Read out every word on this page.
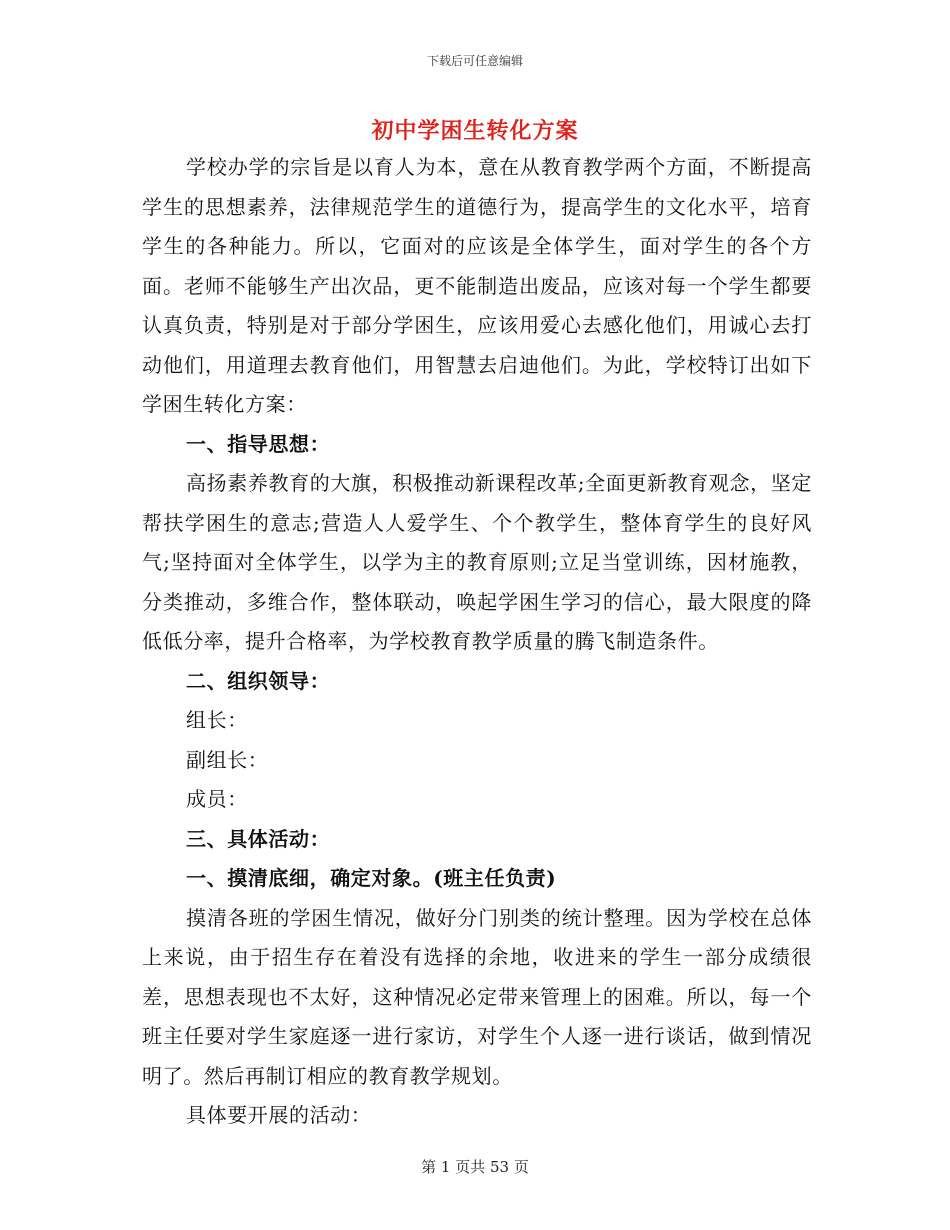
下载后可任意编辑
初中学困生转化方案

学校办学的宗旨是以育人为本，意在从教育教学两个方面，不断提高学生的思想素养，法律规范学生的道德行为，提高学生的文化水平，培育学生的各种能力。所以，它面对的应该是全体学生，面对学生的各个方面。老师不能够生产出次品，更不能制造出废品，应该对每一个学生都要认真负责，特别是对于部分学困生，应该用爱心去感化他们，用诚心去打动他们，用道理去教育他们，用智慧去启迪他们。为此，学校特订出如下学困生转化方案：

一、指导思想：

高扬素养教育的大旗，积极推动新课程改革;全面更新教育观念，坚定帮扶学困生的意志;营造人人爱学生、个个教学生，整体育学生的良好风气;坚持面对全体学生，以学为主的教育原则;立足当堂训练，因材施教，分类推动，多维合作，整体联动，唤起学困生学习的信心，最大限度的降低低分率，提升合格率，为学校教育教学质量的腾飞制造条件。

二、组织领导：

组长：

副组长：

成员：

三、具体活动：

一、摸清底细，确定对象。(班主任负责)

摸清各班的学困生情况，做好分门别类的统计整理。因为学校在总体上来说，由于招生存在着没有选择的余地，收进来的学生一部分成绩很差，思想表现也不太好，这种情况必定带来管理上的困难。所以，每一个班主任要对学生家庭逐一进行家访，对学生个人逐一进行谈话，做到情况明了。然后再制订相应的教育教学规划。

具体要开展的活动：

第 1 页共 53 页
